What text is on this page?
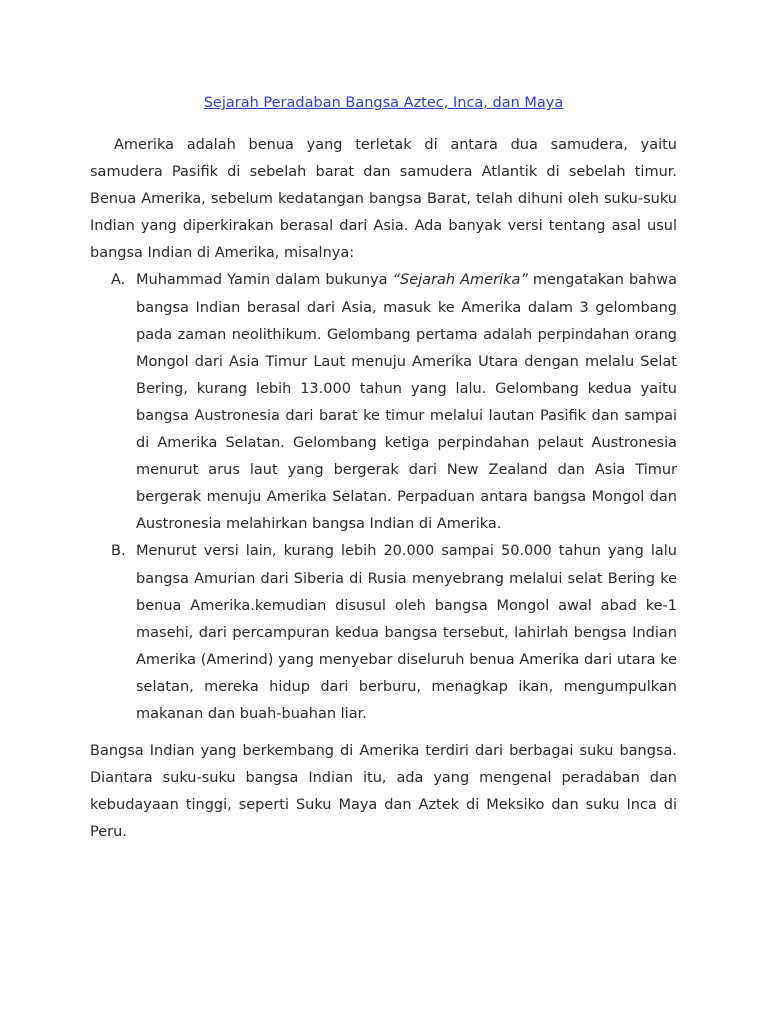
Sejarah Peradaban Bangsa Aztec, Inca, dan Maya

Amerika adalah benua yang terletak di antara dua samudera, yaitu samudera Pasifik di sebelah barat dan samudera Atlantik di sebelah timur. Benua Amerika, sebelum kedatangan bangsa Barat, telah dihuni oleh suku-suku Indian yang diperkirakan berasal dari Asia. Ada banyak versi tentang asal usul bangsa Indian di Amerika, misalnya:

A. Muhammad Yamin dalam bukunya “Sejarah Amerika” mengatakan bahwa bangsa Indian berasal dari Asia, masuk ke Amerika dalam 3 gelombang pada zaman neolithikum. Gelombang pertama adalah perpindahan orang Mongol dari Asia Timur Laut menuju Amerika Utara dengan melalu Selat Bering, kurang lebih 13.000 tahun yang lalu. Gelombang kedua yaitu bangsa Austronesia dari barat ke timur melalui lautan Pasifik dan sampai di Amerika Selatan. Gelombang ketiga perpindahan pelaut Austronesia menurut arus laut yang bergerak dari New Zealand dan Asia Timur bergerak menuju Amerika Selatan. Perpaduan antara bangsa Mongol dan Austronesia melahirkan bangsa Indian di Amerika.
B. Menurut versi lain, kurang lebih 20.000 sampai 50.000 tahun yang lalu bangsa Amurian dari Siberia di Rusia menyebrang melalui selat Bering ke benua Amerika.kemudian disusul oleh bangsa Mongol awal abad ke-1 masehi, dari percampuran kedua bangsa tersebut, lahirlah bengsa Indian Amerika (Amerind) yang menyebar diseluruh benua Amerika dari utara ke selatan, mereka hidup dari berburu, menagkap ikan, mengumpulkan makanan dan buah-buahan liar.

Bangsa Indian yang berkembang di Amerika terdiri dari berbagai suku bangsa. Diantara suku-suku bangsa Indian itu, ada yang mengenal peradaban dan kebudayaan tinggi, seperti Suku Maya dan Aztek di Meksiko dan suku Inca di Peru.
